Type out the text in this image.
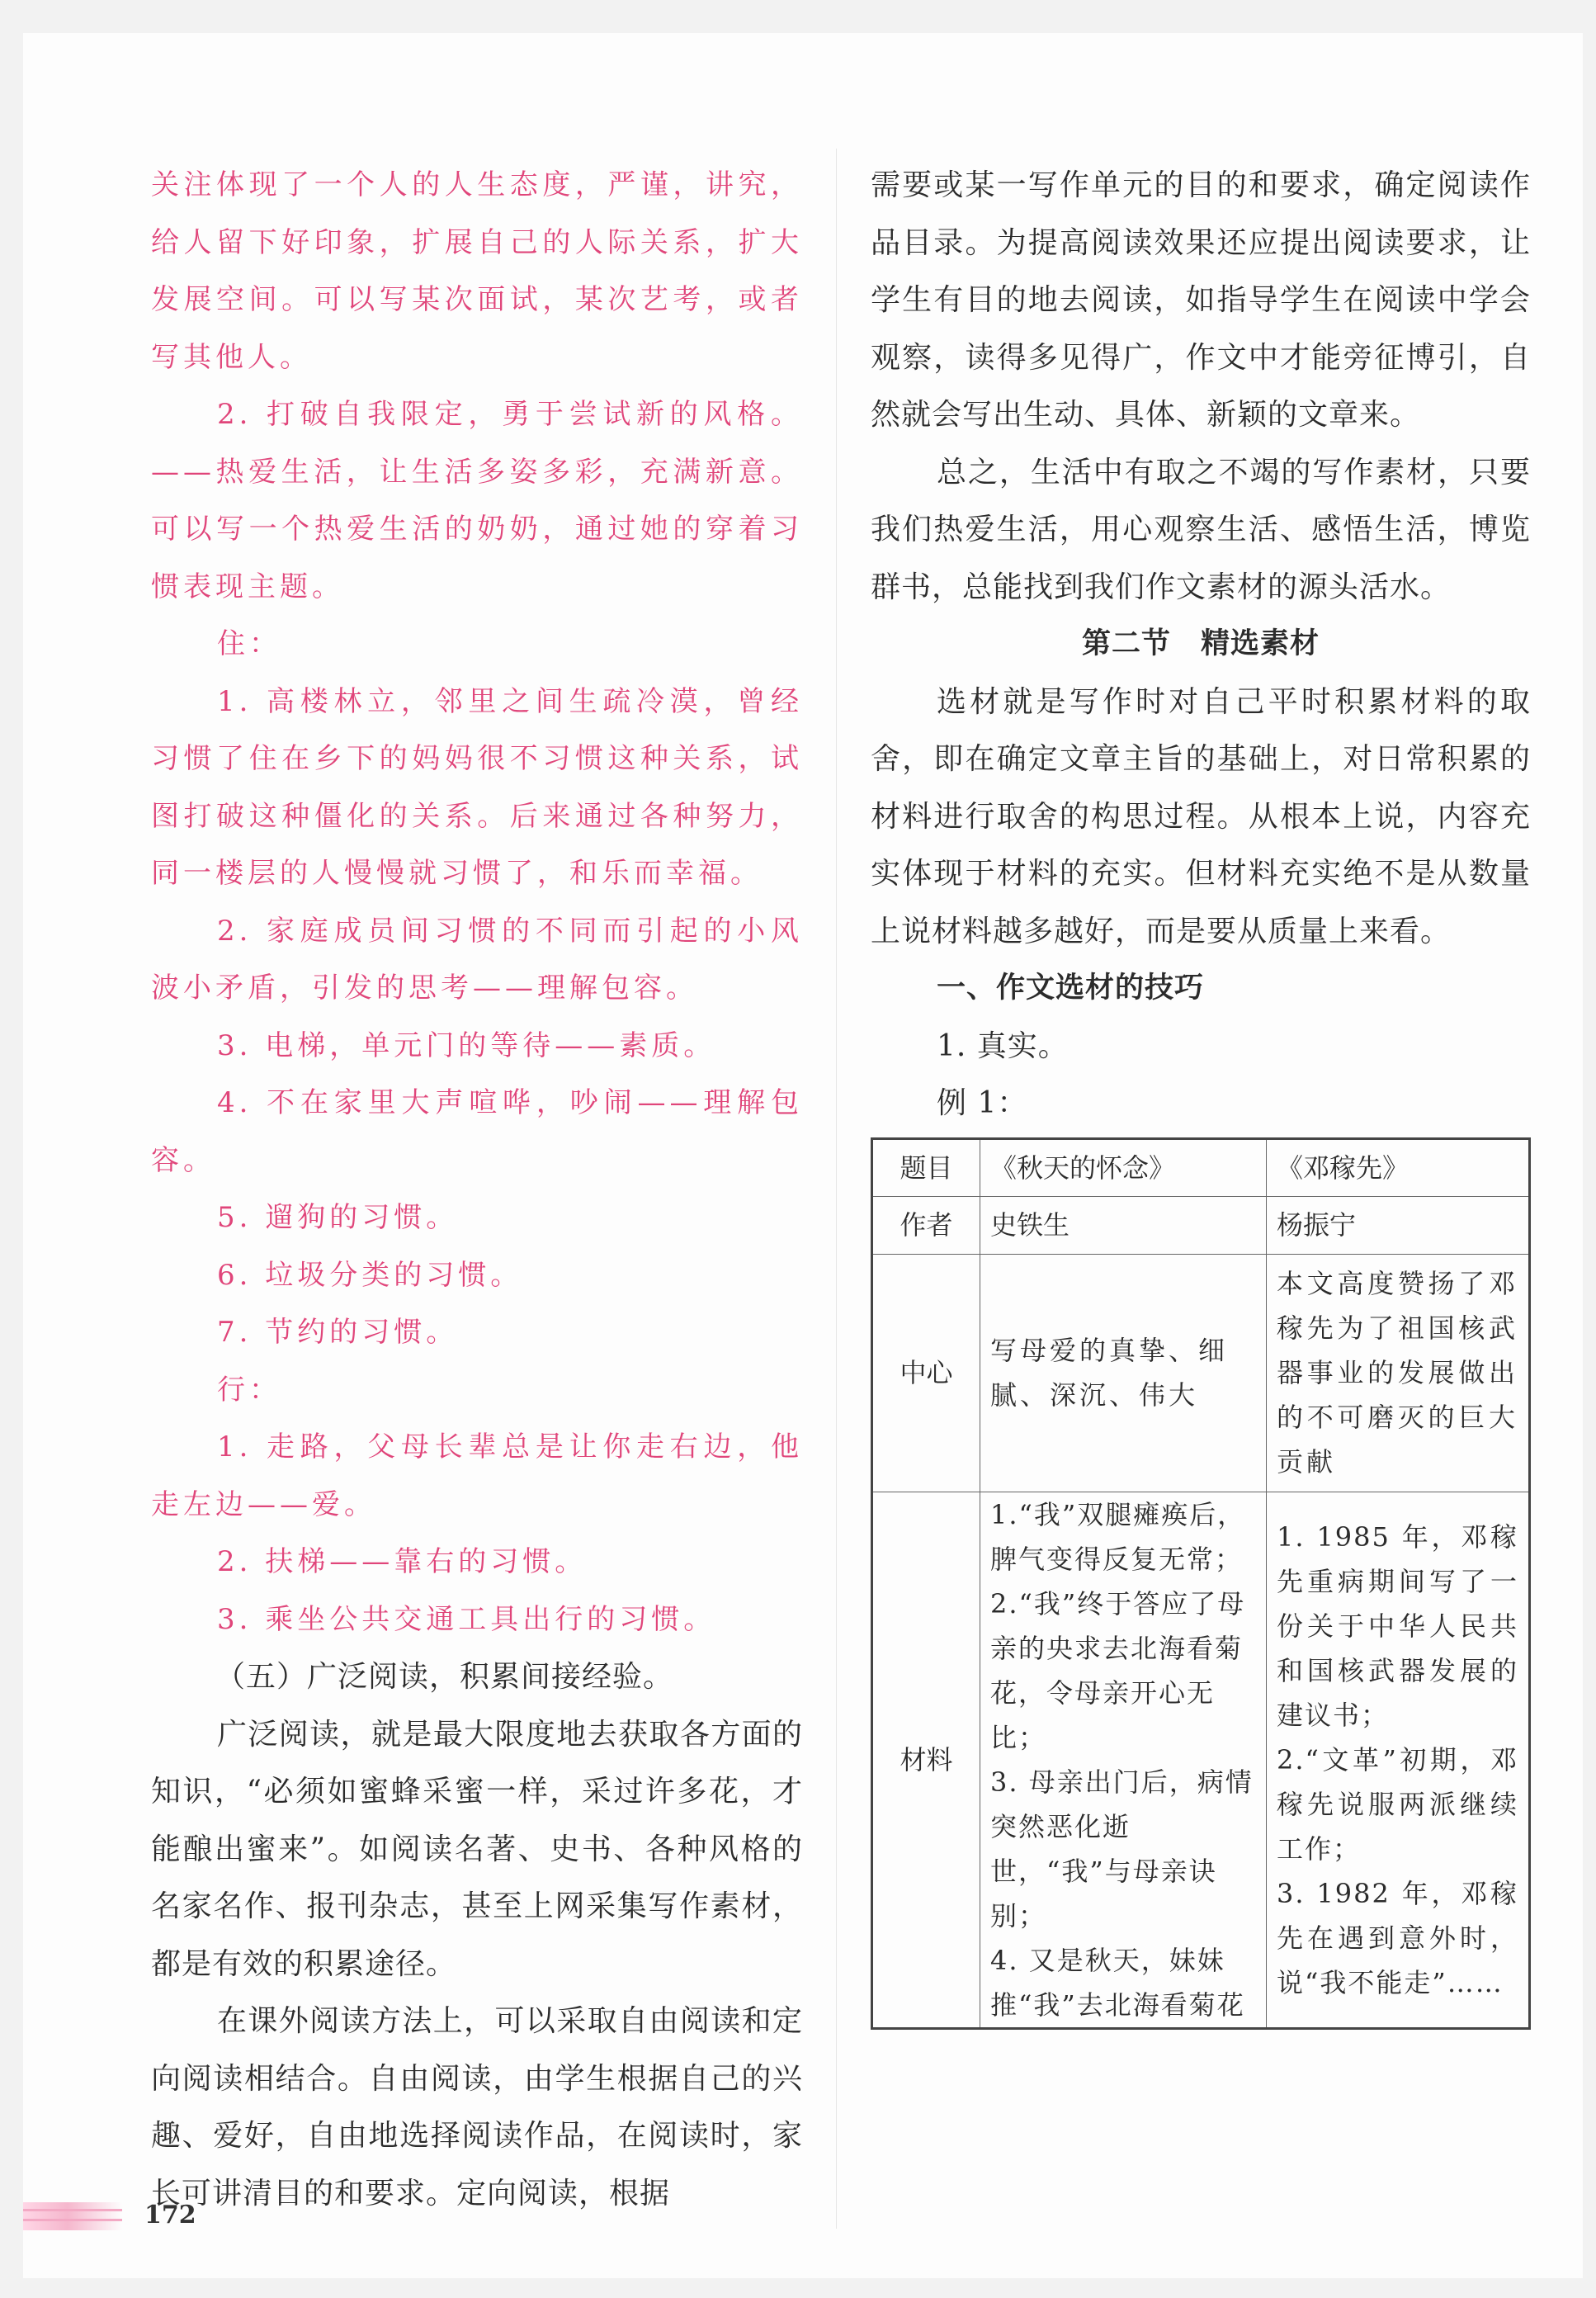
关注体现了一个人的人生态度，严谨，讲究，给人留下好印象，扩展自己的人际关系，扩大发展空间。可以写某次面试，某次艺考，或者写其他人。

2. 打破自我限定，勇于尝试新的风格。——热爱生活，让生活多姿多彩，充满新意。可以写一个热爱生活的奶奶，通过她的穿着习惯表现主题。

住：

1. 高楼林立，邻里之间生疏冷漠，曾经习惯了住在乡下的妈妈很不习惯这种关系，试图打破这种僵化的关系。后来通过各种努力，同一楼层的人慢慢就习惯了，和乐而幸福。

2. 家庭成员间习惯的不同而引起的小风波小矛盾，引发的思考——理解包容。

3. 电梯，单元门的等待——素质。

4. 不在家里大声喧哗，吵闹——理解包容。

5. 遛狗的习惯。

6. 垃圾分类的习惯。

7. 节约的习惯。

行：

1. 走路，父母长辈总是让你走右边，他走左边——爱。

2. 扶梯——靠右的习惯。

3. 乘坐公共交通工具出行的习惯。

（五）广泛阅读，积累间接经验。

广泛阅读，就是最大限度地去获取各方面的知识，“必须如蜜蜂采蜜一样，采过许多花，才能酿出蜜来”。如阅读名著、史书、各种风格的名家名作、报刊杂志，甚至上网采集写作素材，都是有效的积累途径。

在课外阅读方法上，可以采取自由阅读和定向阅读相结合。自由阅读，由学生根据自己的兴趣、爱好，自由地选择阅读作品，在阅读时，家长可讲清目的和要求。定向阅读，根据

需要或某一写作单元的目的和要求，确定阅读作品目录。为提高阅读效果还应提出阅读要求，让学生有目的地去阅读，如指导学生在阅读中学会观察，读得多见得广，作文中才能旁征博引，自然就会写出生动、具体、新颖的文章来。

总之，生活中有取之不竭的写作素材，只要我们热爱生活，用心观察生活、感悟生活，博览群书，总能找到我们作文素材的源头活水。

第二节　精选素材

选材就是写作时对自己平时积累材料的取舍，即在确定文章主旨的基础上，对日常积累的材料进行取舍的构思过程。从根本上说，内容充实体现于材料的充实。但材料充实绝不是从数量上说材料越多越好，而是要从质量上来看。

一、作文选材的技巧

1. 真实。

例 1：

题目	《秋天的怀念》	《邓稼先》

作者	史铁生	杨振宁

中心	写母爱的真挚、细腻、深沉、伟大	本文高度赞扬了邓稼先为了祖国核武器事业的发展做出的不可磨灭的巨大贡献

材料	1.“我”双腿瘫痪后，脾气变得反复无常；
2.“我”终于答应了母亲的央求去北海看菊花，令母亲开心无比；
3. 母亲出门后，病情突然恶化逝世，“我”与母亲诀别；
4. 又是秋天，妹妹推“我”去北海看菊花	1. 1985 年，邓稼先重病期间写了一份关于中华人民共和国核武器发展的建议书；
2.“文革”初期，邓稼先说服两派继续工作；
3. 1982 年，邓稼先在遇到意外时，说“我不能走”……
172
